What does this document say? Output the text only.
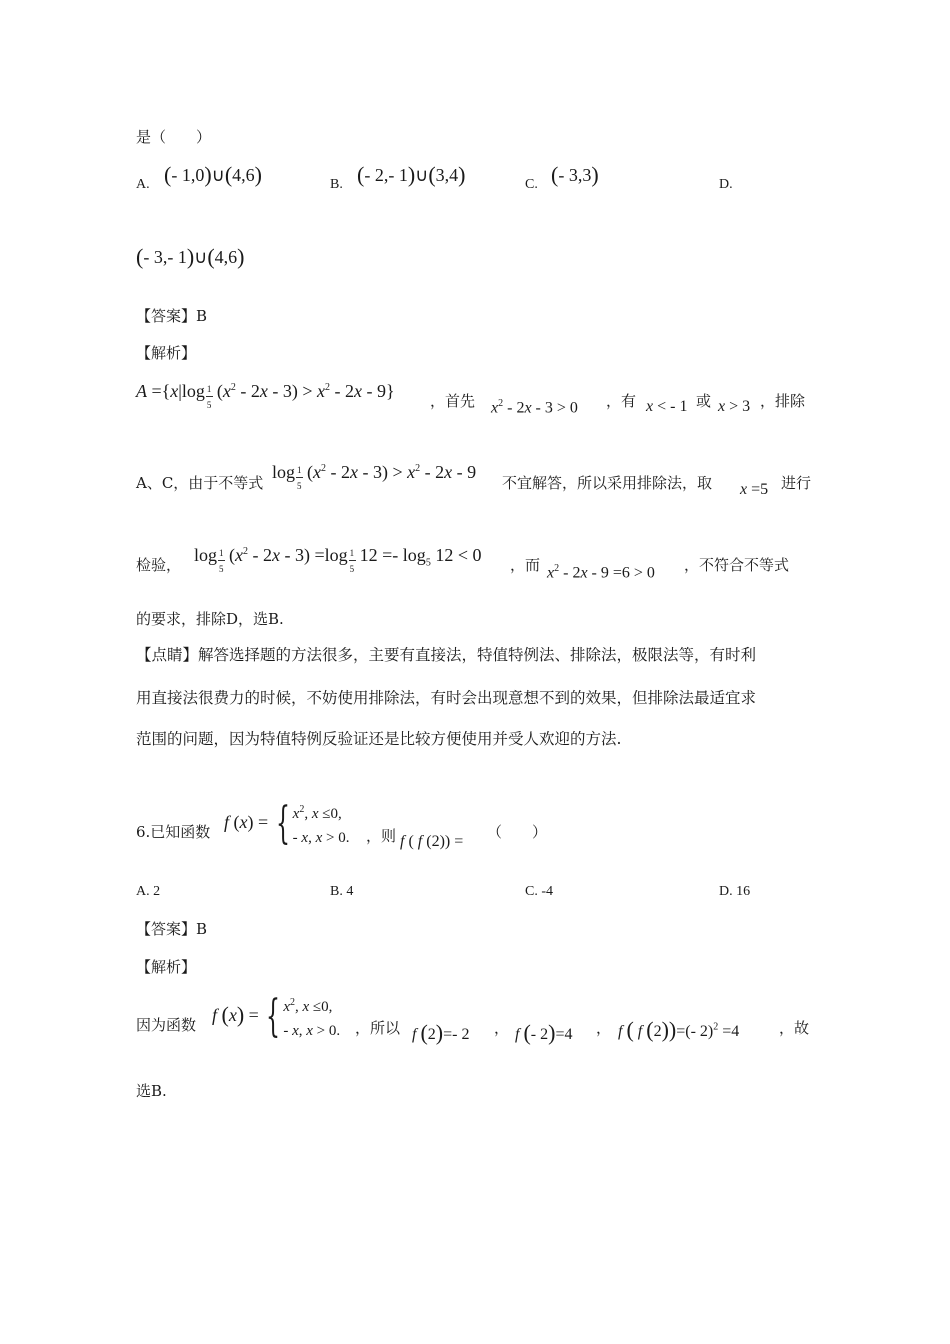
是（　　）
A. (- 1,0)∪(4,6)	B. (- 2,- 1)∪(3,4)	C. (- 3,3)	D.
(- 3,- 1)∪(4,6)
【答案】B
【解析】
$A =\{x|\log \frac{1}{5} (x^2 - 2x - 3) > x^2 - 2x - 9\}$ ，首先 $x^2 - 2x - 3 > 0$ ，有 x < - 1 或 x > 3 ，排除
A、C，由于不等式
$\log \frac{1}{5} (x^2 - 2x - 3) > x^2 - 2x - 9$
不宜解答，所以采用排除法，取 x =5 进行
检验， $\log \frac{1}{5} (x^2 - 2x - 3) =\log \frac{1}{5} 12 =- \log_5 12 < 0$ ，而 $x^2 - 2x - 9 =6 > 0$ ，不符合不等式
的要求，排除D，选B.
【点睛】解答选择题的方法很多，主要有直接法，特值特例法、排除法，极限法等，有时利
用直接法很费力的时候，不妨使用排除法，有时会出现意想不到的效果，但排除法最适宜求
范围的问题，因为特值特例反验证还是比较方便使用并受人欢迎的方法.
6.已知函数 f (x) = { $x^2$, x ≤0,
- x, x > 0. ，则 f ( f (2)) =
（　　）
A. 2	B. 4	C. -4	D. 16
【答案】B
【解析】
因为函数 f (x) = { $x^2$, x ≤0,
- x, x > 0. ，所以 f (2)=- 2 ， f (- 2)=4 ， f ( f (2))=(- 2)$^2$ =4	，故
选B.
